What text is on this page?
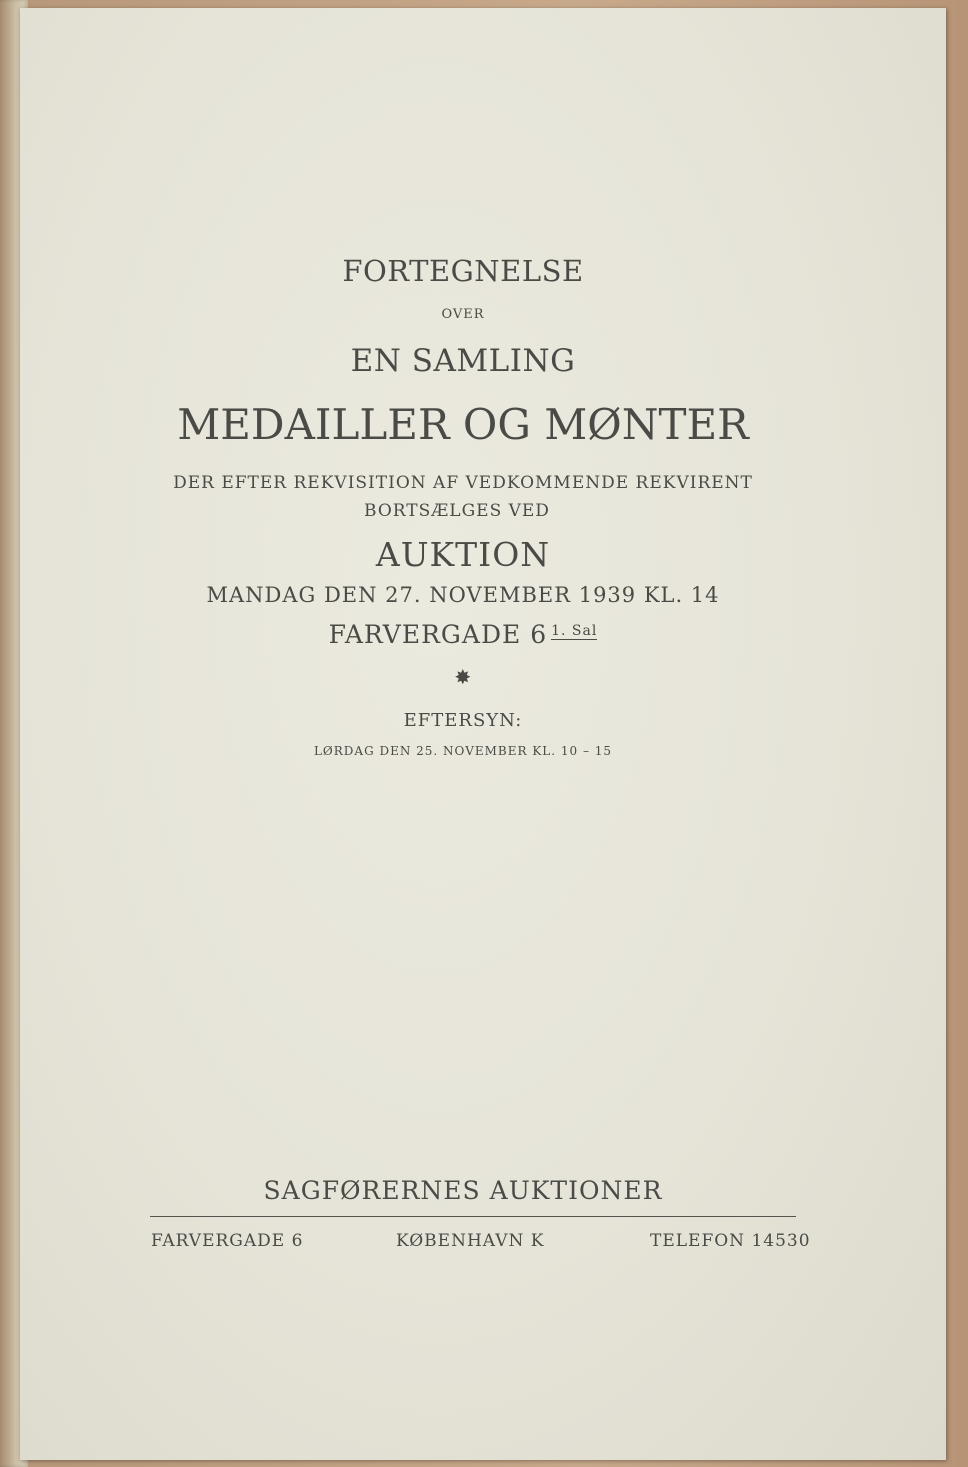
FORTEGNELSE
OVER
EN SAMLING
MEDAILLER OG MØNTER
DER EFTER REKVISITION AF VEDKOMMENDE REKVIRENT
BORTSÆLGES VED
AUKTION
MANDAG DEN 27. NOVEMBER 1939 KL. 14
FARVERGADE 6 $^{1. Sal}$
✸
EFTERSYN:
LØRDAG DEN 25. NOVEMBER KL. 10 – 15
SAGFØRERNES AUKTIONER
FARVERGADE 6	KØBENHAVN K	TELEFON 14530
